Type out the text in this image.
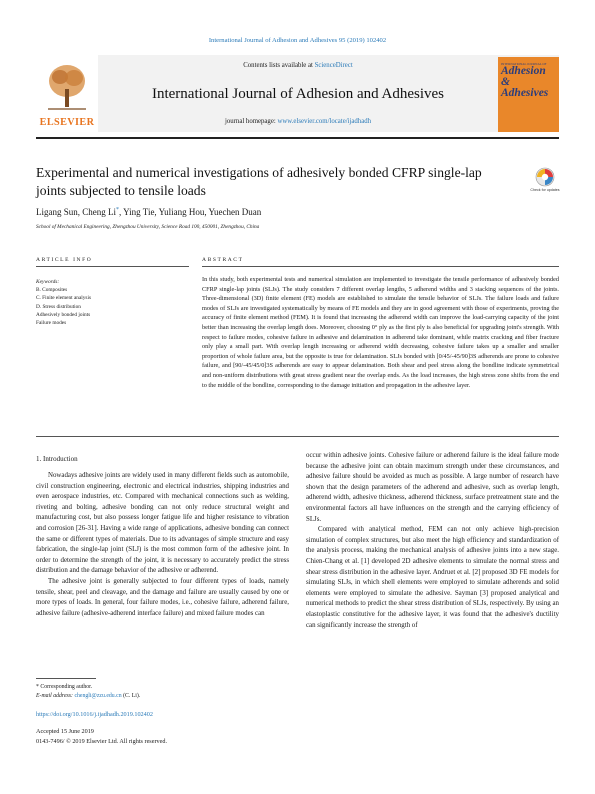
International Journal of Adhesion and Adhesives 95 (2019) 102402
ELSEVIER
Contents lists available at ScienceDirect
International Journal of Adhesion and Adhesives
journal homepage: www.elsevier.com/locate/ijadhadh
INTERNATIONAL JOURNAL OF
Adhesion &
Adhesives
Experimental and numerical investigations of adhesively bonded CFRP single-lap joints subjected to tensile loads	Check for updates
Ligang Sun, Cheng Li*, Ying Tie, Yuliang Hou, Yuechen Duan
School of Mechanical Engineering, Zhengzhou University, Science Road 100, 450001, Zhengzhou, China
ARTICLE INFO	ABSTRACT
Keywords:
B. Composites
C. Finite element analysis
D. Stress distribution
Adhesively bonded joints
Failure modes
In this study, both experimental tests and numerical simulation are implemented to investigate the tensile performance of adhesively bonded CFRP single-lap joints (SLJs). The study considers 7 different overlap lengths, 5 adherend widths and 3 stacking sequences of the joints. Three-dimensional (3D) finite element (FE) models are established to simulate the tensile behavior of SLJs. The failure loads and failure modes of SLJs are investigated systematically by means of FE models and they are in good agreement with those of experiments, proving the accuracy of finite element method (FEM). It is found that increasing the adherend width can improve the load-carrying capacity of the joint better than increasing the overlap length does. Moreover, choosing 0° ply as the first ply is also beneficial for upgrading joint's strength. With respect to failure modes, cohesive failure in adhesive and delamination in adherend take dominant, while matrix cracking and fiber fracture only play a small part. With overlap length increasing or adherend width decreasing, cohesive failure takes up a smaller and smaller proportion of whole failure area, but the opposite is true for delamination. SLJs bonded with [0/45/-45/90]3S adherends are prone to cohesive failure, and [90/-45/45/0]3S adherends are easy to appear delamination. Both shear and peel stress along the bondline indicate symmetrical and non-uniform distributions with great stress gradient near the overlap ends. As the load increases, the high stress zone shifts from the end to the middle of the bondline, corresponding to the damage initiation and propagation in the adhesive layer.
1. Introduction

Nowadays adhesive joints are widely used in many different fields such as automobile, civil construction engineering, electronic and electrical industries, shipping industries and even aerospace industries, etc. Compared with mechanical connections such as welding, riveting and bolting, adhesive bonding can not only reduce structural weight and manufacturing cost, but also possess longer fatigue life and higher resistance to vibration and corrosion [26-31]. Having a wide range of applications, adhesive bonding can connect the same or different types of materials. Due to its advantages of simple structure and easy fabrication, the single-lap joint (SLJ) is the most common form of the adhesive joint. In order to determine the strength of the joint, it is necessary to accurately predict the stress distribution and the damage behavior of the adhesive or adherend.

The adhesive joint is generally subjected to four different types of loads, namely tensile, shear, peel and cleavage, and the damage and failure are usually caused by one or more types of loads. In general, four failure modes, i.e., cohesive failure, adherend failure, adhesive failure (adhesive-adherend interface failure) and mixed failure modes can

occur within adhesive joints. Cohesive failure or adherend failure is the ideal failure mode because the adhesive joint can obtain maximum strength under these circumstances, and adhesive failure should be avoided as much as possible. A large number of research have shown that the design parameters of the adherend and adhesive, such as overlap length, adherend width, adhesive thickness, adherend thickness, surface pretreatment state and the environmental factors all have influences on the strength and the carrying efficiency of SLJs.

Compared with analytical method, FEM can not only achieve high-precision simulation of complex structures, but also meet the high efficiency and standardization of the analysis process, making the mechanical analysis of adhesive joints into a new stage. Chien-Chang et al. [1] developed 2D adhesive elements to simulate the normal stress and shear stress distribution in the adhesive layer. Andruet et al. [2] proposed 3D FE models for simulating SLJs, in which shell elements were employed to simulate adherends and solid elements were employed to simulate the adhesive. Sayman [3] proposed analytical and numerical methods to predict the shear stress distribution of SLJs, respectively. By using an elastoplastic constitutive for the adhesive layer, it was found that the adhesive's ductility can significantly increase the strength of

* Corresponding author.
E-mail address: chengli@zzu.edu.cn (C. Li).
https://doi.org/10.1016/j.ijadhadh.2019.102402
Accepted 15 June 2019
0143-7496/ © 2019 Elsevier Ltd. All rights reserved.
